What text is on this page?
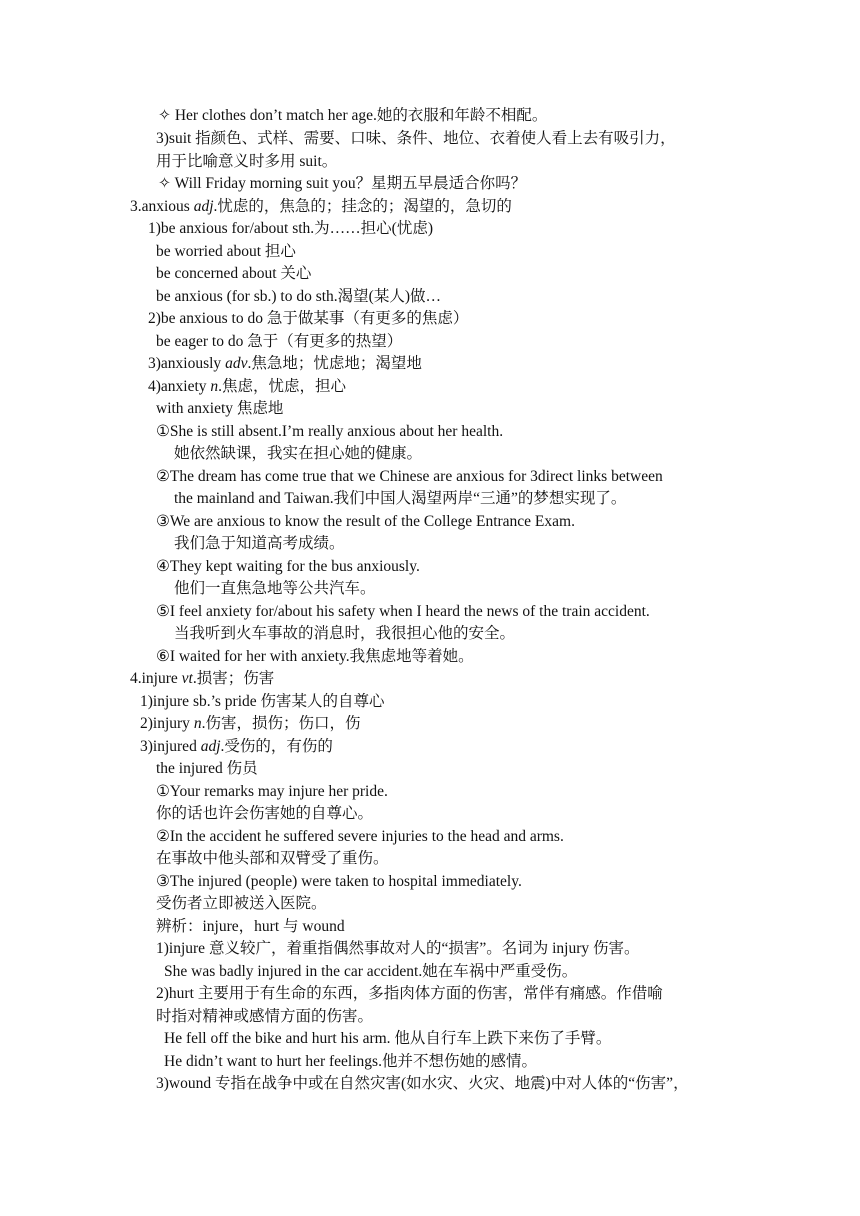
✧ Her clothes don’t match her age.她的衣服和年龄不相配。
3)suit 指颜色、式样、需要、口味、条件、地位、衣着使人看上去有吸引力，
用于比喻意义时多用 suit。
✧ Will Friday morning suit you？星期五早晨适合你吗？
3.anxious adj.忧虑的，焦急的；挂念的；渴望的，急切的
1)be anxious for/about sth.为……担心(忧虑)
be worried about 担心
be concerned about 关心
be anxious (for sb.) to do sth.渴望(某人)做…
2)be anxious to do 急于做某事（有更多的焦虑）
be eager to do 急于（有更多的热望）
3)anxiously adv.焦急地；忧虑地；渴望地
4)anxiety n.焦虑，忧虑，担心
with anxiety 焦虑地
①She is still absent.I’m really anxious about her health.
她依然缺课，我实在担心她的健康。
②The dream has come true that we Chinese are anxious for 3direct links between
the mainland and Taiwan.我们中国人渴望两岸“三通”的梦想实现了。
③We are anxious to know the result of the College Entrance Exam.
我们急于知道高考成绩。
④They kept waiting for the bus anxiously.
他们一直焦急地等公共汽车。
⑤I feel anxiety for/about his safety when I heard the news of the train accident.
当我听到火车事故的消息时，我很担心他的安全。
⑥I waited for her with anxiety.我焦虑地等着她。
4.injure vt.损害；伤害
1)injure sb.’s pride 伤害某人的自尊心
2)injury n.伤害，损伤；伤口，伤
3)injured adj.受伤的，有伤的
the injured 伤员
①Your remarks may injure her pride.
你的话也许会伤害她的自尊心。
②In the accident he suffered severe injuries to the head and arms.
在事故中他头部和双臂受了重伤。
③The injured (people) were taken to hospital immediately.
受伤者立即被送入医院。
辨析：injure，hurt 与 wound
1)injure 意义较广，着重指偶然事故对人的“损害”。名词为 injury 伤害。
She was badly injured in the car accident.她在车祸中严重受伤。
2)hurt 主要用于有生命的东西，多指肉体方面的伤害，常伴有痛感。作借喻
时指对精神或感情方面的伤害。
He fell off the bike and hurt his arm. 他从自行车上跌下来伤了手臂。
He didn’t want to hurt her feelings.他并不想伤她的感情。
3)wound 专指在战争中或在自然灾害(如水灾、火灾、地震)中对人体的“伤害”，
